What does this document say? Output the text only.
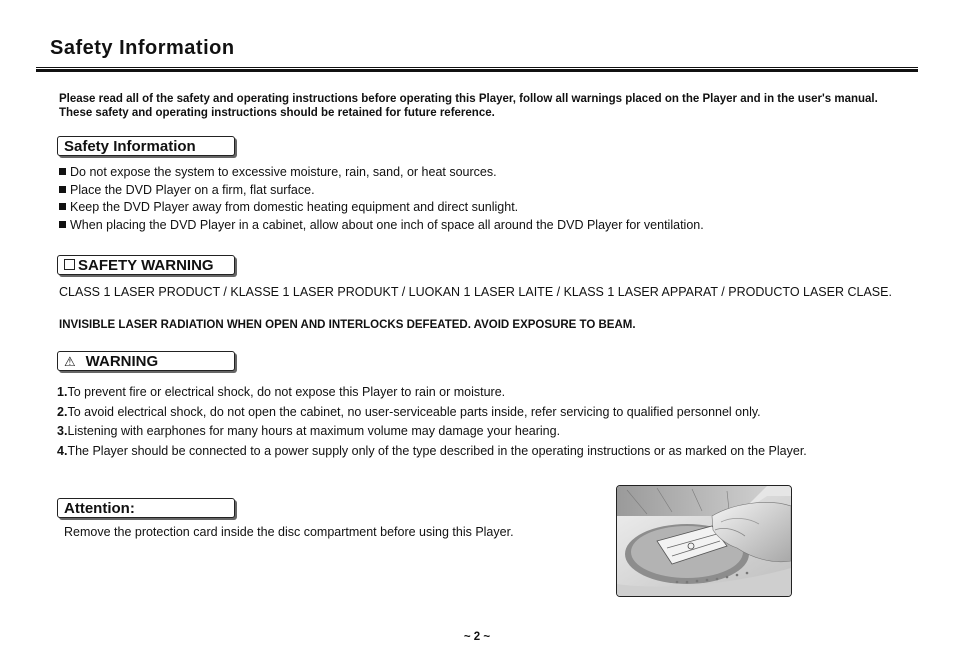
Safety Information
Please read all of the safety and operating instructions before operating this Player, follow all warnings placed on the Player and in the user's manual. These safety and operating instructions should be retained for future reference.
Safety Information
Do not expose the system to excessive moisture, rain, sand, or heat sources.
Place the DVD Player on a firm, flat surface.
Keep the DVD Player away from domestic heating equipment and direct sunlight.
When placing the DVD Player in a cabinet, allow about one inch of space all around the DVD Player for ventilation.
SAFETY WARNING
CLASS 1 LASER PRODUCT / KLASSE 1 LASER PRODUKT / LUOKAN 1 LASER LAITE / KLASS 1 LASER APPARAT / PRODUCTO LASER CLASE.
INVISIBLE LASER RADIATION WHEN OPEN AND INTERLOCKS DEFEATED. AVOID EXPOSURE TO BEAM.
⚠ WARNING
1.To prevent fire or electrical shock, do not expose this Player to rain or moisture.
2.To avoid electrical shock, do not open the cabinet, no user-serviceable parts inside, refer servicing to qualified personnel only.
3.Listening with earphones for many hours at maximum volume may damage your hearing.
4.The Player should be connected to a power supply only of the type described in the operating instructions or as marked on the Player.
Attention:
Remove the protection card inside the disc compartment before using this Player.
~ 2 ~
